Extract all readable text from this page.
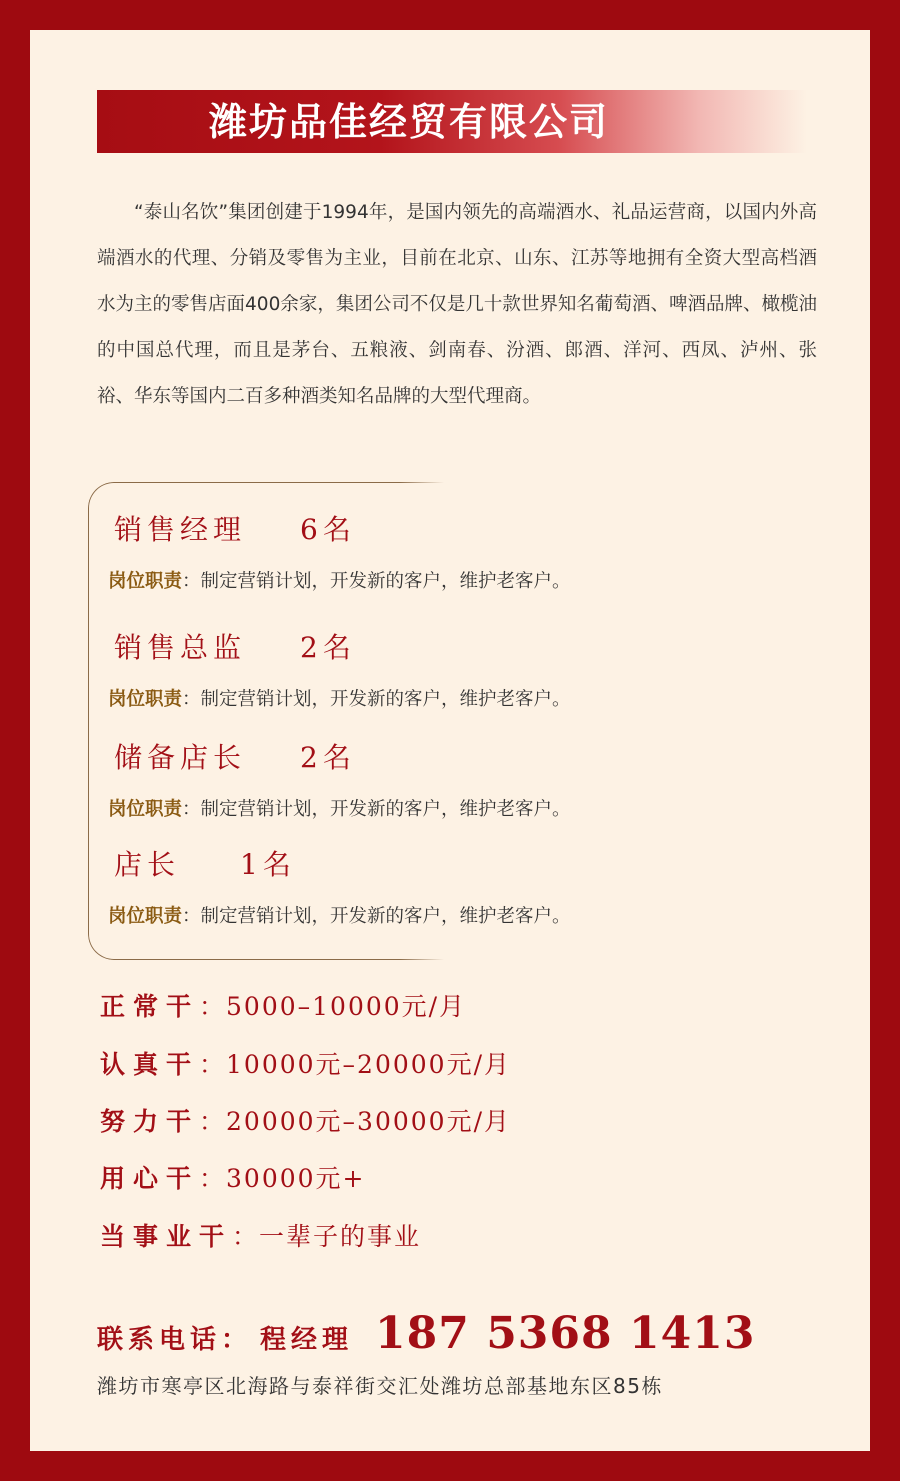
潍坊品佳经贸有限公司

“泰山名饮”集团创建于1994年，是国内领先的高端酒水、礼品运营商，以国内外高端酒水的代理、分销及零售为主业，目前在北京、山东、江苏等地拥有全资大型高档酒水为主的零售店面400余家，集团公司不仅是几十款世界知名葡萄酒、啤酒品牌、橄榄油的中国总代理，而且是茅台、五粮液、剑南春、汾酒、郎酒、洋河、西凤、泸州、张裕、华东等国内二百多种酒类知名品牌的大型代理商。

销售经理 6名
岗位职责：制定营销计划，开发新的客户，维护老客户。
销售总监 2名
岗位职责：制定营销计划，开发新的客户，维护老客户。
储备店长 2名
岗位职责：制定营销计划，开发新的客户，维护老客户。
店长 1名
岗位职责：制定营销计划，开发新的客户，维护老客户。
正常干：5000–10000元/月
认真干：10000元–20000元/月
努力干：20000元–30000元/月
用心干：30000元+
当事业干：一辈子的事业
联系电话： 程经理 187 5368 1413
潍坊市寒亭区北海路与泰祥街交汇处潍坊总部基地东区85栋
